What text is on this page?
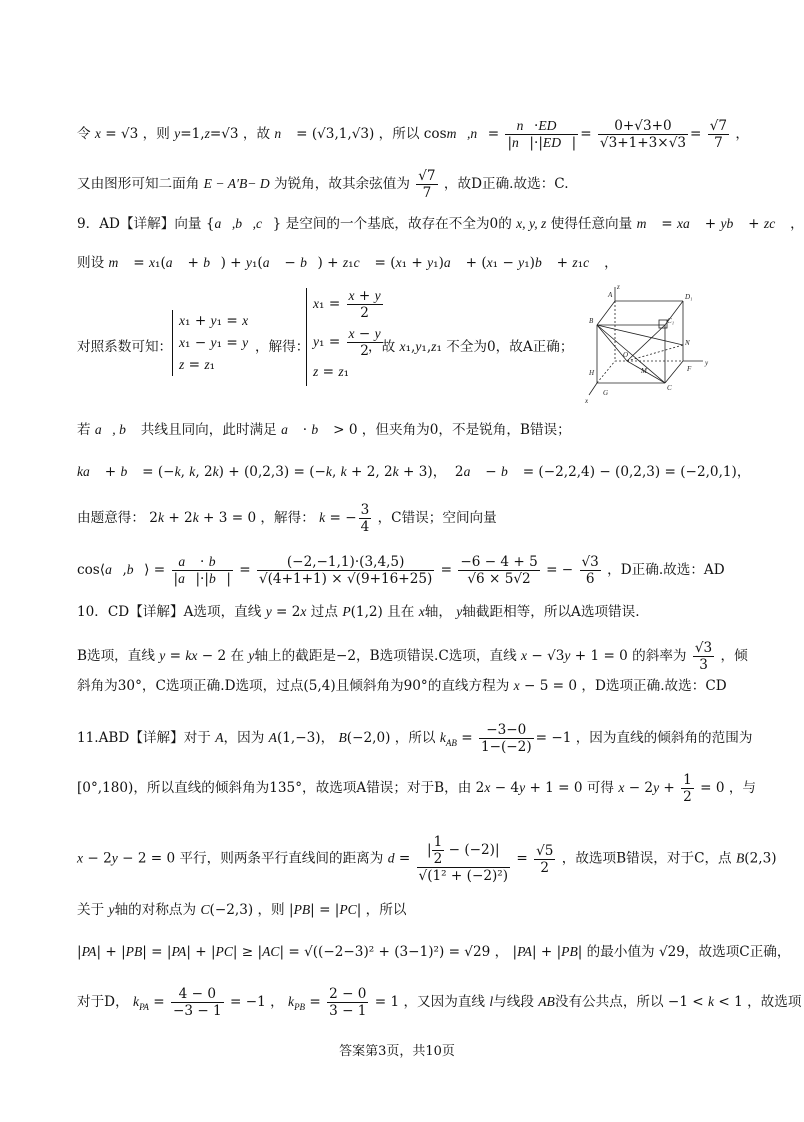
令 x = √3 ，则 y=1,z=√3 ，故 n⃗ = (√3,1,√3) ，所以 cosm⃗,n⃗= $\frac{n⃗\cdot ED⃗}{|n⃗|\cdot|ED⃗|} = \frac{0+√3+0}{√3+1+3\times√3} = \frac{√7}{7}$ ，
又由图形可知二面角 E − A′B− D 为锐角，故其余弦值为 $\frac{√7}{7}$ ，故D正确.故选：C.
9．AD【详解】向量 {a⃗,b⃗,c⃗} 是空间的一个基底，故存在不全为0的 x, y, z 使得任意向量 m⃗ = xa⃗ + yb⃗ + zc⃗ ，
则设 m⃗ = x₁(a⃗ + b⃗) + y₁(a⃗ − b⃗) + z₁c⃗ = (x₁ + y₁)a⃗ + (x₁ − y₁)b⃗ + z₁c⃗ ，
对照系数可知：
x₁ + y₁ = x
x₁ − y₁ = y
z = z₁
，解得：
$x_1 = \frac{x + y}{2}$
$y_1 = \frac{x - y}{2}$
z = z₁
，故 x₁,y₁,z₁ 不全为0，故A正确；
A
z
D₁
B	C₁
O
N
H	M
C
F
G
y
x
若 a⃗, b⃗ 共线且同向，此时满足 a⃗ · b⃗ > 0 ，但夹角为0，不是锐角，B错误；
ka⃗ + b⃗ = (−k, k, 2k) + (0,2,3) = (−k, k + 2, 2k + 3)，  2a⃗ − b⃗ = (−2,2,4) − (0,2,3) = (−2,0,1)，
由题意得： 2k + 2k + 3 = 0 ，解得： k = − $\frac{3}{4}$ ，C错误；空间向量
cos⟨a⃗,b⃗⟩ = $\frac{a⃗ \cdot b⃗}{|a⃗|\cdot|b⃗|} = \frac{(-2,-1,1)\cdot(3,4,5)}{√(4+1+1) \times √(9+16+25)} = \frac{-6 - 4 + 5}{√6 \times 5√2}$ = − $\frac{√3}{6}$ ，D正确.故选：AD
10．CD【详解】A选项，直线 y = 2x 过点 P(1,2) 且在 x轴， y轴截距相等，所以A选项错误.
B选项，直线 y = kx − 2 在 y轴上的截距是−2，B选项错误.C选项，直线 x − √3y + 1 = 0 的斜率为 $\frac{√3}{3}$ ，倾
斜角为30°，C选项正确.D选项，过点(5,4)且倾斜角为90°的直线方程为 x − 5 = 0 ，D选项正确.故选：CD
11.ABD【详解】对于 A，因为 A(1,−3)， B(−2,0) ，所以 $k_{AB} = \frac{-3-0}{1-(-2)} = -1$ ，因为直线的倾斜角的范围为
[0°,180)，所以直线的倾斜角为135°，故选项A错误；对于B，由 2x − 4y + 1 = 0 可得 $x - 2y + \frac{1}{2} = 0$ ，与
x − 2y − 2 = 0 平行，则两条平行直线间的距离为 $d = \frac{| \frac{1}{2} - (-2)|}{\text{√(1² + (−2)²)}} = \frac{√5}{2}$ ，故选项B错误，对于C，点 B(2,3)
关于 y轴的对称点为 C(−2,3) ，则 |PB| = |PC| ，所以
|PA| + |PB| = |PA| + |PC| ≥ |AC| = √((−2−3)² + (3−1)²) = √29 ， |PA| + |PB| 的最小值为 √29，故选项C正确，
对于D， $k_{PA} = \frac{4 - 0}{-3 - 1} = -1$ ， $k_{PB} = \frac{2 - 0}{3 - 1} = 1$ ，又因为直线 l与线段 AB没有公共点，所以 −1 < k < 1 ，故选项
答案第3页，共10页
